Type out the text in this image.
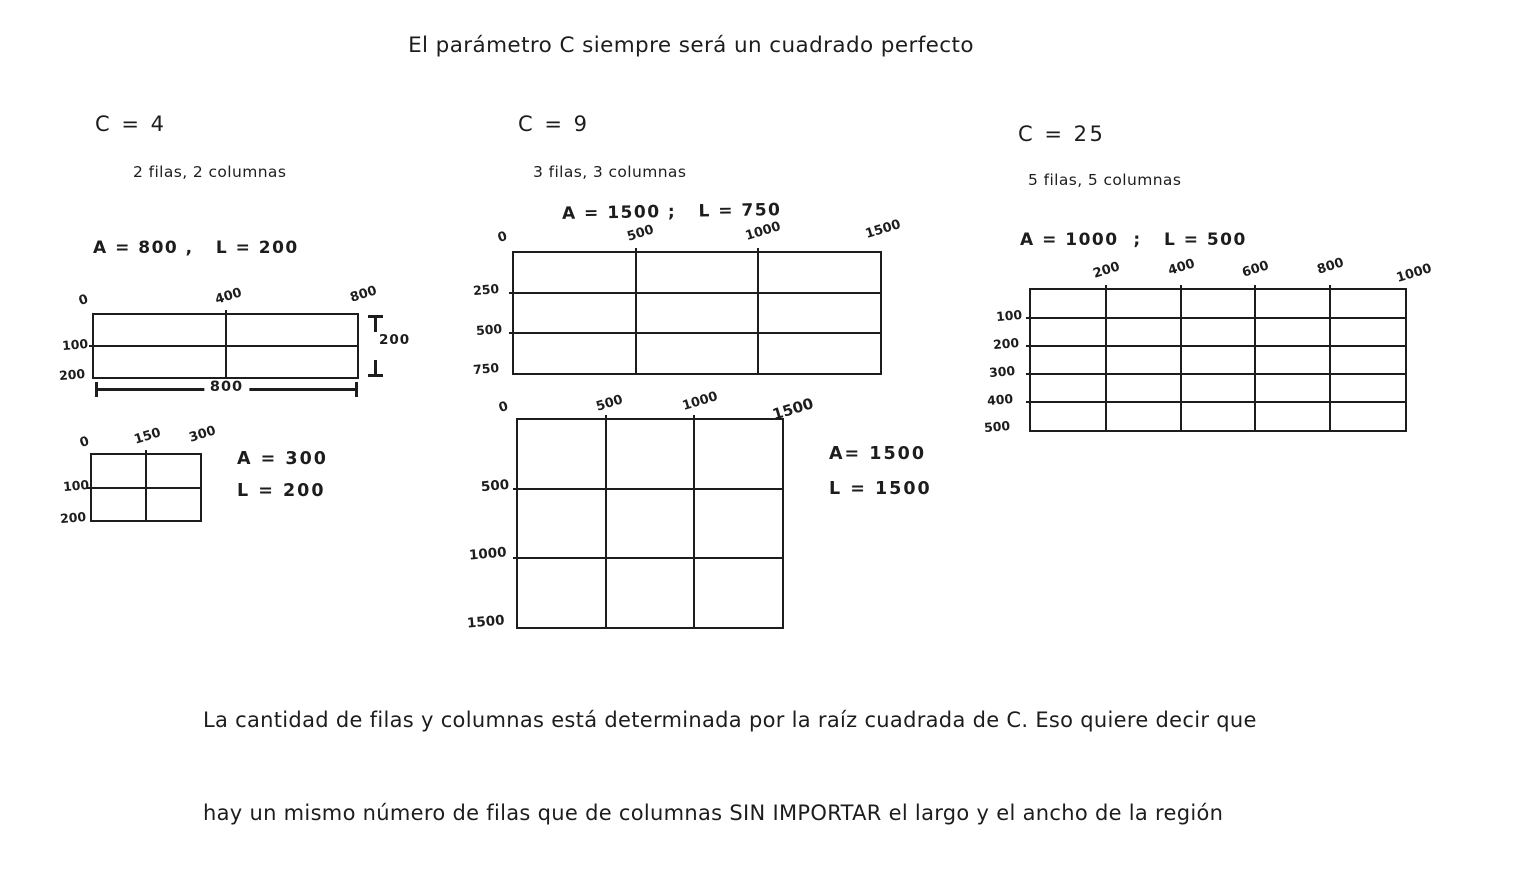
El parámetro C siempre será un cuadrado perfecto
C = 4
2 filas, 2 columnas
A = 800 ,   L = 200
0	400	800
100
200
200
800
0	150 300
100
200
A = 300
L = 200
C = 9
3 filas, 3 columnas
A = 1500 ;   L = 750
0	500	1000	1500
250
500
750
0	500	1000	1500
500
1000
1500
A= 1500
L = 1500
C = 25
5 filas, 5 columnas
A = 1000  ;   L = 500
200	400	600	800	1000
100
200
300
400
500

La cantidad de filas y columnas está determinada por la raíz cuadrada de C. Eso quiere decir que

hay un mismo número de filas que de columnas SIN IMPORTAR el largo y el ancho de la región
